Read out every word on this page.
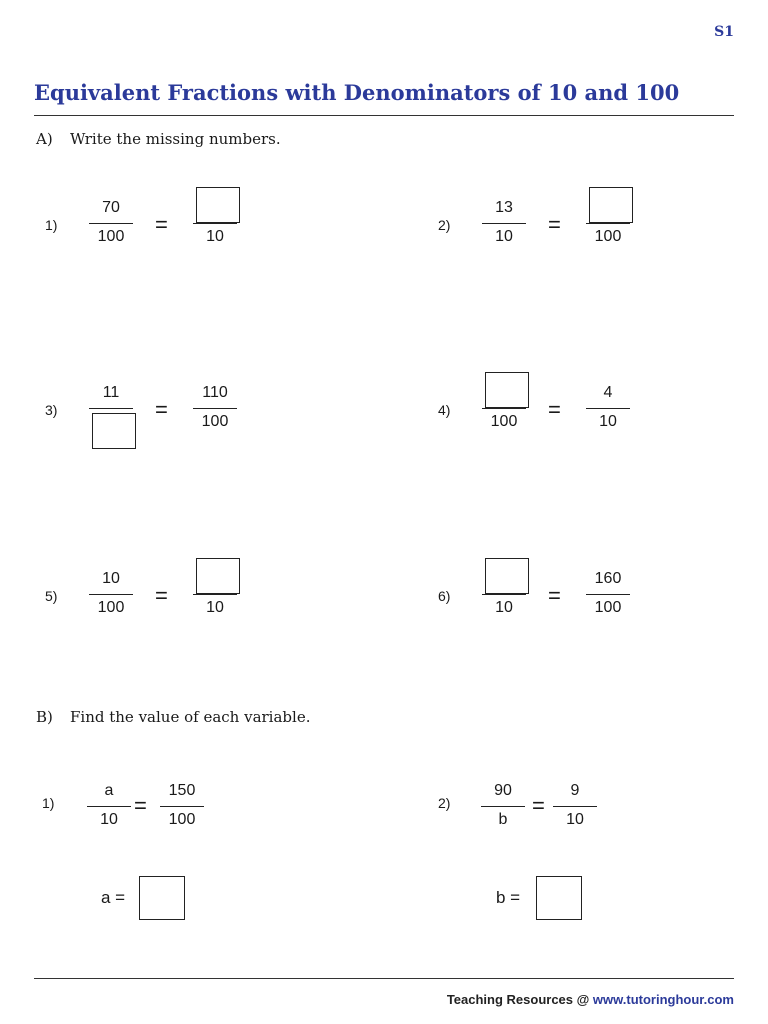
S1
Equivalent Fractions with Denominators of 10 and 100
A) Write the missing numbers.
1)
70
100	=	10
2)
13
10	=	100
3)
11
=
110
100
4)
100	=
4
10
5)
10
100	=	10
6)
10	=
160
100
B) Find the value of each variable.
1)
a
10
=
150
100
a =
2)
90
b
=
9
10
b =
Teaching Resources @ www.tutoringhour.com
